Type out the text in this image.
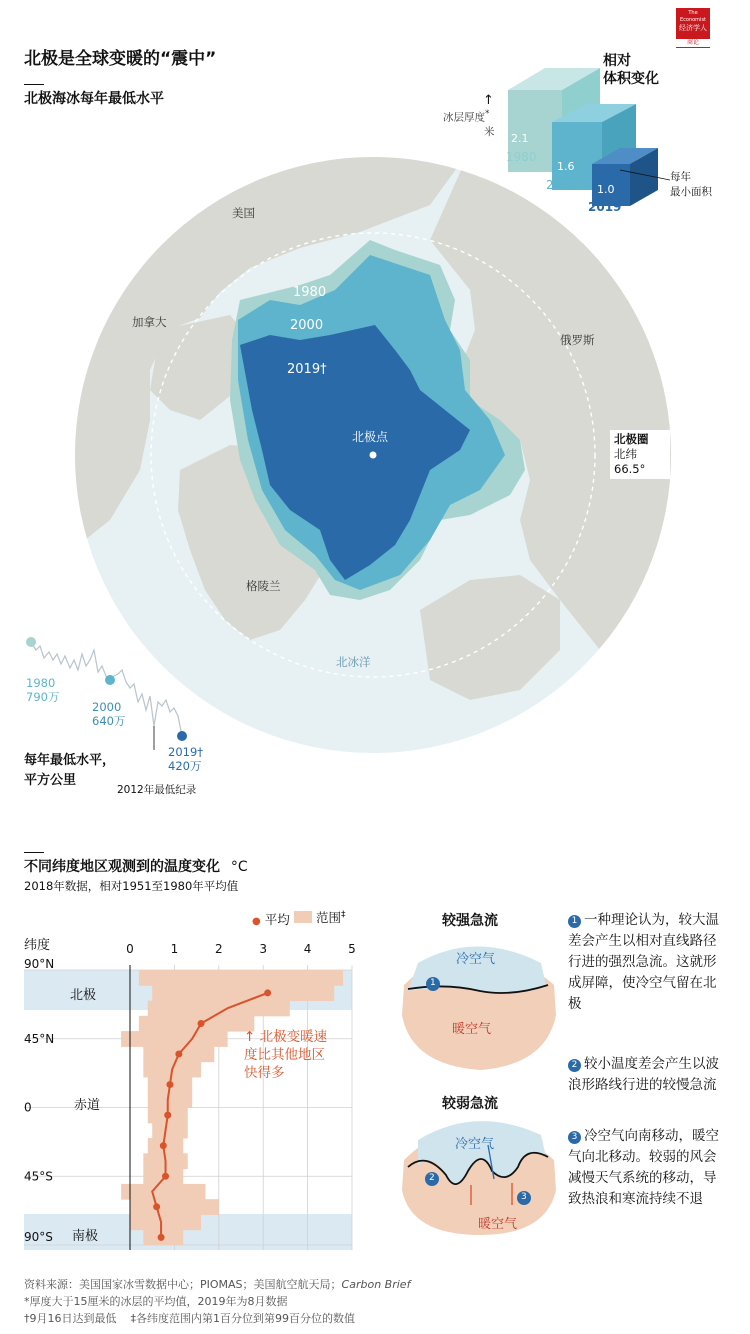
The Economist
经济学人
商论
北极是全球变暖的“震中”
北极海冰每年最低水平
美国
加拿大
俄罗斯
格陵兰
北冰洋
北极点
1980
2000
2019†
北极圈
北纬
66.5°
相对
体积变化
↑
冰层厚度*
米 2.1
1.6
1.0
1980
2000
2019
每年
最小面积
1980
790万
2000
640万
2019†
420万
2012年最低纪录
每年最低水平，
平方公里
不同纬度地区观测到的温度变化 °C
2018年数据，相对1951至1980年平均值
● 平均	范围‡
纬度	0	1	2	3	4	5
90°N
45°N
0
45°S
90°S
北极
赤道
南极
↑ 北极变暖速
度比其他地区
快得多
较强急流
较弱急流
1
2
3
冷空气
暖空气
冷空气
暖空气
1 一种理论认为，较大温差会产生以相对直线路径行进的强烈急流。这就形成屏障，使冷空气留在北极
2 较小温度差会产生以波浪形路线行进的较慢急流
3 冷空气向南移动，暖空气向北移动。较弱的风会减慢天气系统的移动，导致热浪和寒流持续不退
资料来源：美国国家冰雪数据中心；PIOMAS；美国航空航天局；Carbon Brief
*厚度大于15厘米的冰层的平均值，2019年为8月数据
†9月16日达到最低    ‡各纬度范围内第1百分位到第99百分位的数值
